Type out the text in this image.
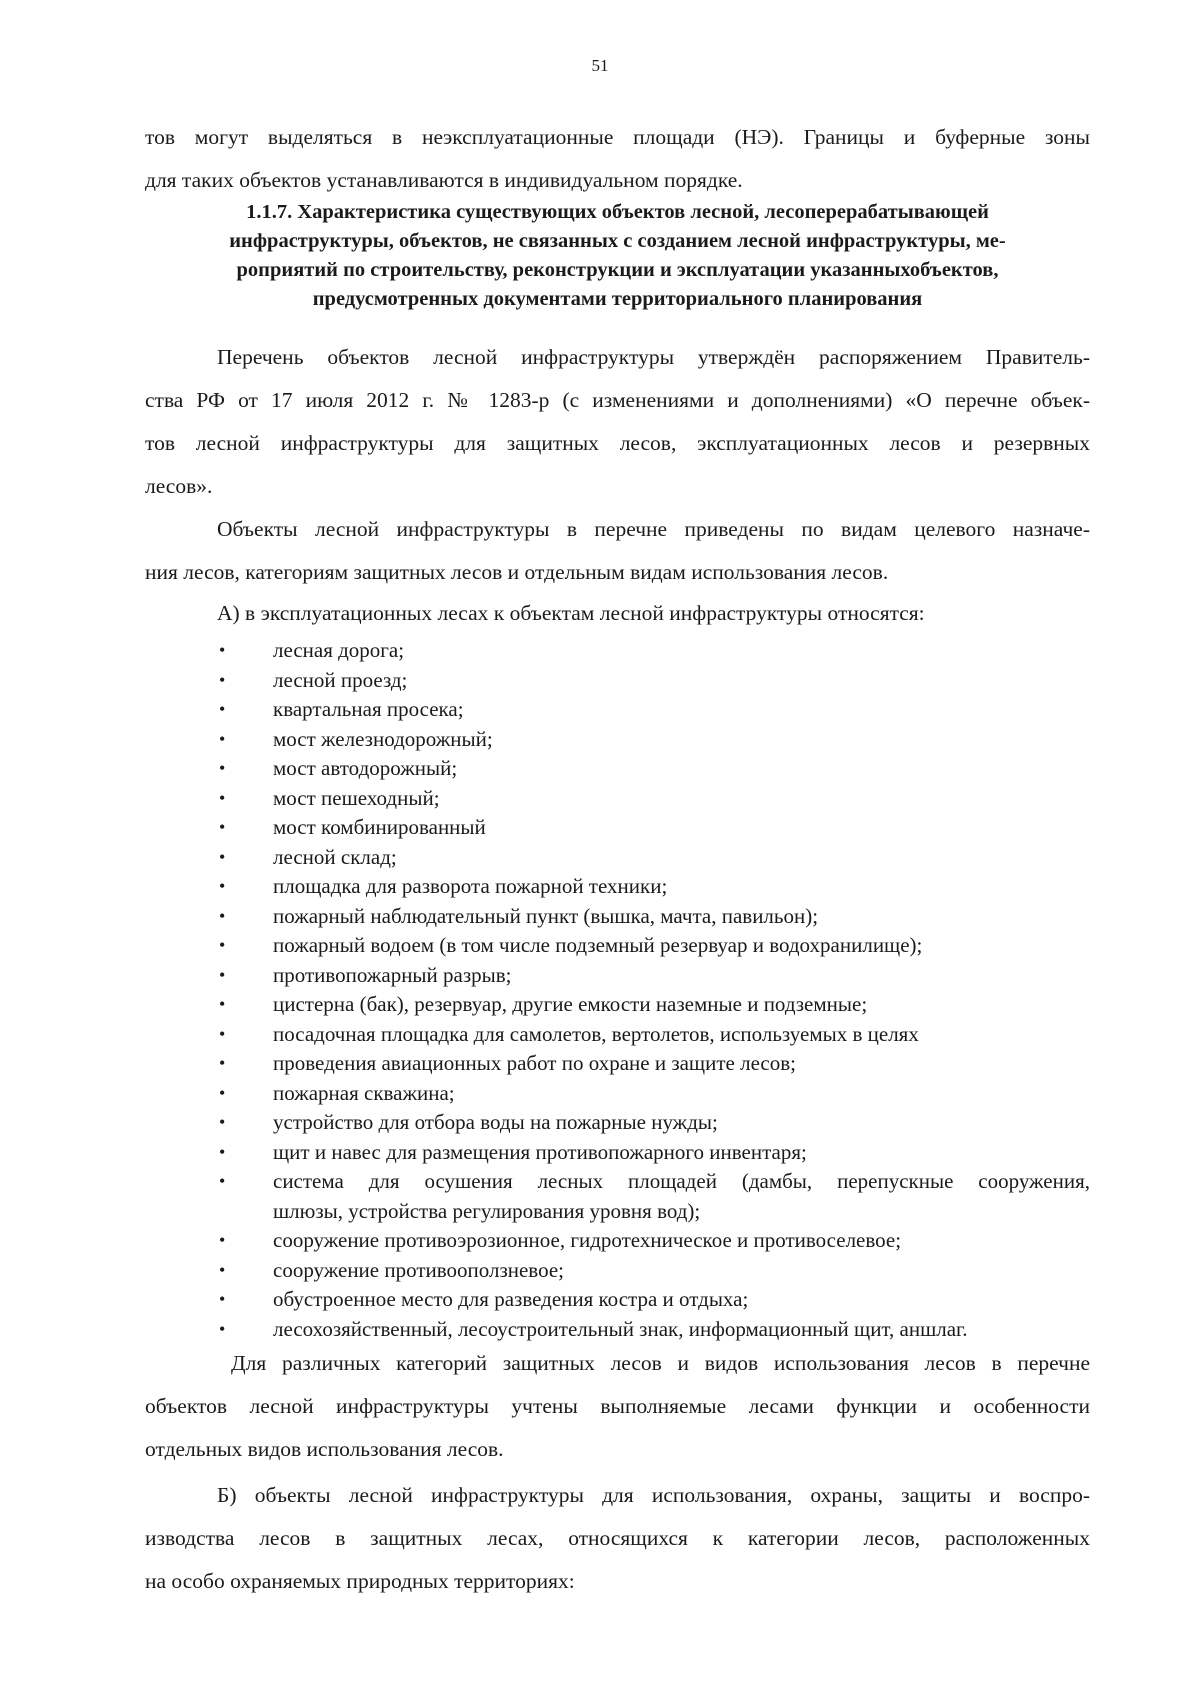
51
тов могут выделяться в неэксплуатационные площади (НЭ). Границы и буферные зоны
для таких объектов устанавливаются в индивидуальном порядке.
1.1.7. Характеристика существующих объектов лесной, лесоперерабатывающей
инфраструктуры, объектов, не связанных с созданием лесной инфраструктуры, ме-
роприятий по строительству, реконструкции и эксплуатации указанныхобъектов,
предусмотренных документами территориального планирования
Перечень объектов лесной инфраструктуры утверждён распоряжением Правитель-
ства РФ от 17 июля 2012 г. № 1283-р (с изменениями и дополнениями) «О перечне объек-
тов лесной инфраструктуры для защитных лесов, эксплуатационных лесов и резервных
лесов».
Объекты лесной инфраструктуры в перечне приведены по видам целевого назначе-
ния лесов, категориям защитных лесов и отдельным видам использования лесов.
А) в эксплуатационных лесах к объектам лесной инфраструктуры относятся:
• лесная дорога;
• лесной проезд;
• квартальная просека;
• мост железнодорожный;
• мост автодорожный;
• мост пешеходный;
• мост комбинированный
• лесной склад;
• площадка для разворота пожарной техники;
• пожарный наблюдательный пункт (вышка, мачта, павильон);
• пожарный водоем (в том числе подземный резервуар и водохранилище);
• противопожарный разрыв;
• цистерна (бак), резервуар, другие емкости наземные и подземные;
• посадочная площадка для самолетов, вертолетов, используемых в целях
• проведения авиационных работ по охране и защите лесов;
• пожарная скважина;
• устройство для отбора воды на пожарные нужды;
• щит и навес для размещения противопожарного инвентаря;
• система для осушения лесных площадей (дамбы, перепускные сооружения,
шлюзы, устройства регулирования уровня вод);
• сооружение противоэрозионное, гидротехническое и противоселевое;
• сооружение противооползневое;
• обустроенное место для разведения костра и отдыха;
• лесохозяйственный, лесоустроительный знак, информационный щит, аншлаг.
Для различных категорий защитных лесов и видов использования лесов в перечне
объектов лесной инфраструктуры учтены выполняемые лесами функции и особенности
отдельных видов использования лесов.
Б) объекты лесной инфраструктуры для использования, охраны, защиты и воспро-
изводства лесов в защитных лесах, относящихся к категории лесов, расположенных
на особо охраняемых природных территориях:
